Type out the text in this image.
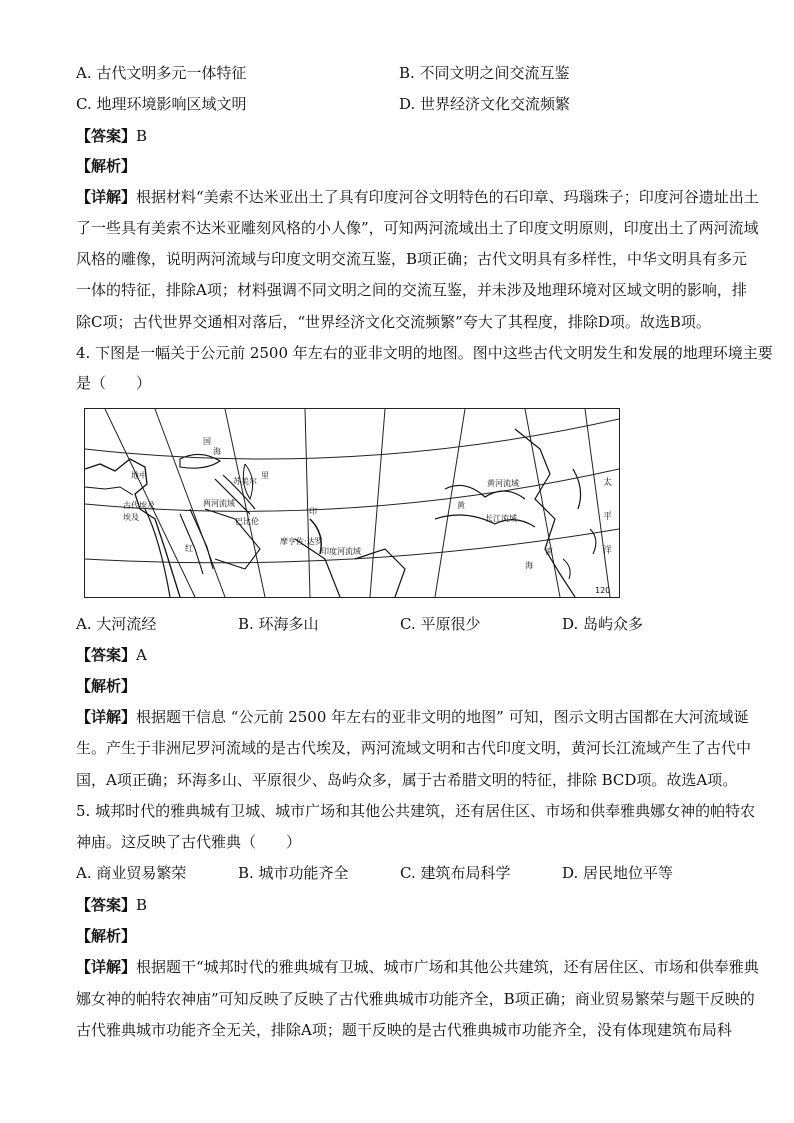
A. 古代文明多元一体特征	B. 不同文明之间交流互鉴
C. 地理环境影响区域文明	D. 世界经济文化交流频繁
【答案】B
【解析】
【详解】根据材料“美索不达米亚出土了具有印度河谷文明特色的石印章、玛瑙珠子；印度河谷遗址出土
了一些具有美索不达米亚雕刻风格的小人像”，可知两河流域出土了印度文明原则，印度出土了两河流域
风格的雕像，说明两河流域与印度文明交流互鉴，B项正确；古代文明具有多样性，中华文明具有多元
一体的特征，排除A项；材料强调不同文明之间的交流互鉴，并未涉及地理环境对区域文明的影响，排
除C项；古代世界交通相对落后，“世界经济文化交流频繁”夸大了其程度，排除D项。故选B项。
4. 下图是一幅关于公元前 2500 年左右的亚非文明的地图。图中这些古代文明发生和发展的地理环境主要
是（　　）
国
海
地中
古代埃及
埃及
两河流域
苏美尔
巴比伦
红
里
印
印度河流域
摩亨佐·达罗
黄河流域
黄
长江流域
太
平
洋
南
海
120
A. 大河流经	B. 环海多山	C. 平原很少	D. 岛屿众多
【答案】A
【解析】
【详解】根据题干信息 “公元前 2500 年左右的亚非文明的地图” 可知，图示文明古国都在大河流域诞
生。产生于非洲尼罗河流域的是古代埃及，两河流域文明和古代印度文明，黄河长江流域产生了古代中
国，A项正确；环海多山、平原很少、岛屿众多，属于古希腊文明的特征，排除 BCD项。故选A项。
5. 城邦时代的雅典城有卫城、城市广场和其他公共建筑，还有居住区、市场和供奉雅典娜女神的帕特农
神庙。这反映了古代雅典（　　）
A. 商业贸易繁荣	B. 城市功能齐全	C. 建筑布局科学	D. 居民地位平等
【答案】B
【解析】
【详解】根据题干“城邦时代的雅典城有卫城、城市广场和其他公共建筑，还有居住区、市场和供奉雅典
娜女神的帕特农神庙”可知反映了反映了古代雅典城市功能齐全，B项正确；商业贸易繁荣与题干反映的
古代雅典城市功能齐全无关，排除A项；题干反映的是古代雅典城市功能齐全，没有体现建筑布局科
